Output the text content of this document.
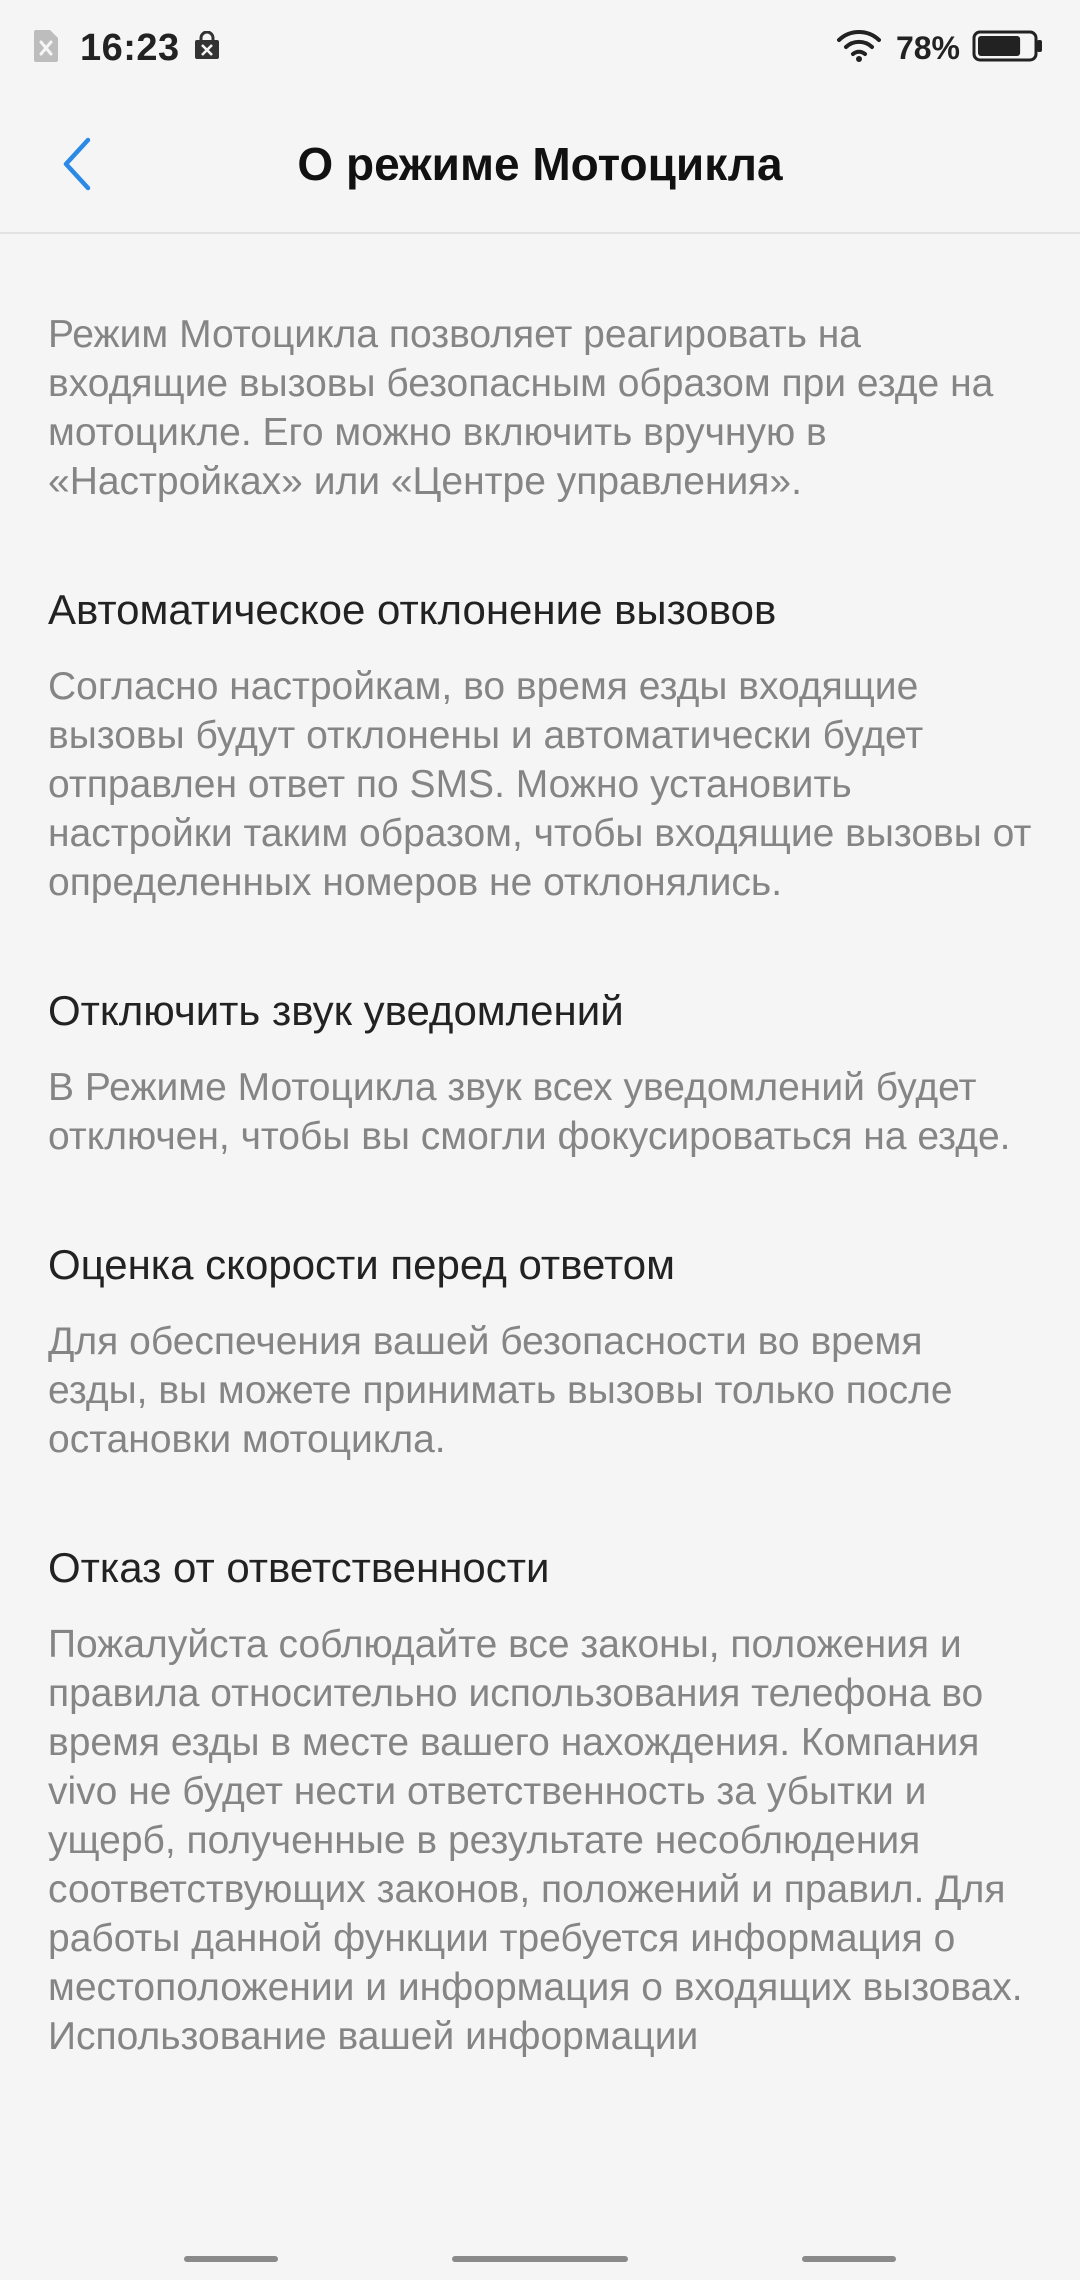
16:23	78%
О режиме Мотоцикла
Режим Мотоцикла позволяет реагировать на входящие вызовы безопасным образом при езде на мотоцикле. Его можно включить вручную в «Настройках» или «Центре управления».
Автоматическое отклонение вызовов
Согласно настройкам, во время езды входящие вызовы будут отклонены и автоматически будет отправлен ответ по SMS. Можно установить настройки таким образом, чтобы входящие вызовы от определенных номеров не отклонялись.
Отключить звук уведомлений
В Режиме Мотоцикла звук всех уведомлений будет отключен, чтобы вы смогли фокусироваться на езде.
Оценка скорости перед ответом
Для обеспечения вашей безопасности во время езды, вы можете принимать вызовы только после остановки мотоцикла.
Отказ от ответственности
Пожалуйста соблюдайте все законы, положения и правила относительно использования телефона во время езды в месте вашего нахождения. Компания vivo не будет нести ответственность за убытки и ущерб, полученные в результате несоблюдения соответствующих законов, положений и правил. Для работы данной функции требуется информация о местоположении и информация о входящих вызовах. Использование вашей информации
